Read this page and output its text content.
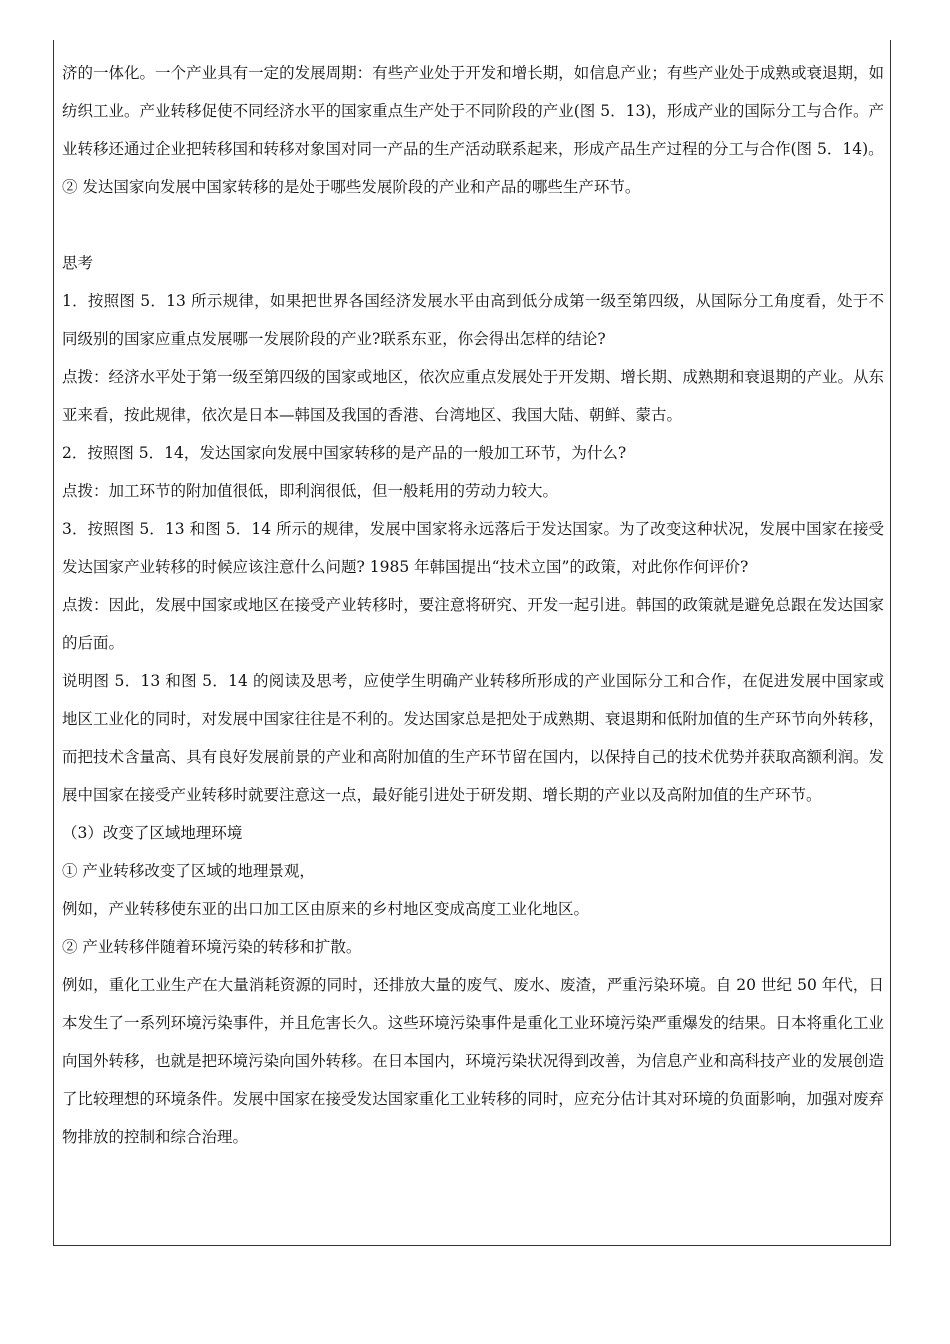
济的一体化。一个产业具有一定的发展周期：有些产业处于开发和增长期，如信息产业；有些产业处于成熟或衰退期，如纺织工业。产业转移促使不同经济水平的国家重点生产处于不同阶段的产业(图 5．13)，形成产业的国际分工与合作。产业转移还通过企业把转移国和转移对象国对同一产品的生产活动联系起来，形成产品生产过程的分工与合作(图 5．14)。

② 发达国家向发展中国家转移的是处于哪些发展阶段的产业和产品的哪些生产环节。

思考

1．按照图 5．13 所示规律，如果把世界各国经济发展水平由高到低分成第一级至第四级，从国际分工角度看，处于不同级别的国家应重点发展哪一发展阶段的产业?联系东亚，你会得出怎样的结论?

点拨：经济水平处于第一级至第四级的国家或地区，依次应重点发展处于开发期、增长期、成熟期和衰退期的产业。从东亚来看，按此规律，依次是日本—韩国及我国的香港、台湾地区、我国大陆、朝鲜、蒙古。

2．按照图 5．14，发达国家向发展中国家转移的是产品的一般加工环节，为什么?

点拨：加工环节的附加值很低，即利润很低，但一般耗用的劳动力较大。

3．按照图 5．13 和图 5．14 所示的规律，发展中国家将永远落后于发达国家。为了改变这种状况，发展中国家在接受发达国家产业转移的时候应该注意什么问题? 1985 年韩国提出“技术立国”的政策，对此你作何评价?

点拨：因此，发展中国家或地区在接受产业转移时，要注意将研究、开发一起引进。韩国的政策就是避免总跟在发达国家的后面。

说明图 5．13 和图 5．14 的阅读及思考，应使学生明确产业转移所形成的产业国际分工和合作，在促进发展中国家或地区工业化的同时，对发展中国家往往是不利的。发达国家总是把处于成熟期、衰退期和低附加值的生产环节向外转移，而把技术含量高、具有良好发展前景的产业和高附加值的生产环节留在国内，以保持自己的技术优势并获取高额利润。发展中国家在接受产业转移时就要注意这一点，最好能引进处于研发期、增长期的产业以及高附加值的生产环节。

（3）改变了区域地理环境

① 产业转移改变了区域的地理景观，

例如，产业转移使东亚的出口加工区由原来的乡村地区变成高度工业化地区。

② 产业转移伴随着环境污染的转移和扩散。

例如，重化工业生产在大量消耗资源的同时，还排放大量的废气、废水、废渣，严重污染环境。自 20 世纪 50 年代，日本发生了一系列环境污染事件，并且危害长久。这些环境污染事件是重化工业环境污染严重爆发的结果。日本将重化工业向国外转移，也就是把环境污染向国外转移。在日本国内，环境污染状况得到改善，为信息产业和高科技产业的发展创造了比较理想的环境条件。发展中国家在接受发达国家重化工业转移的同时，应充分估计其对环境的负面影响，加强对废弃物排放的控制和综合治理。
